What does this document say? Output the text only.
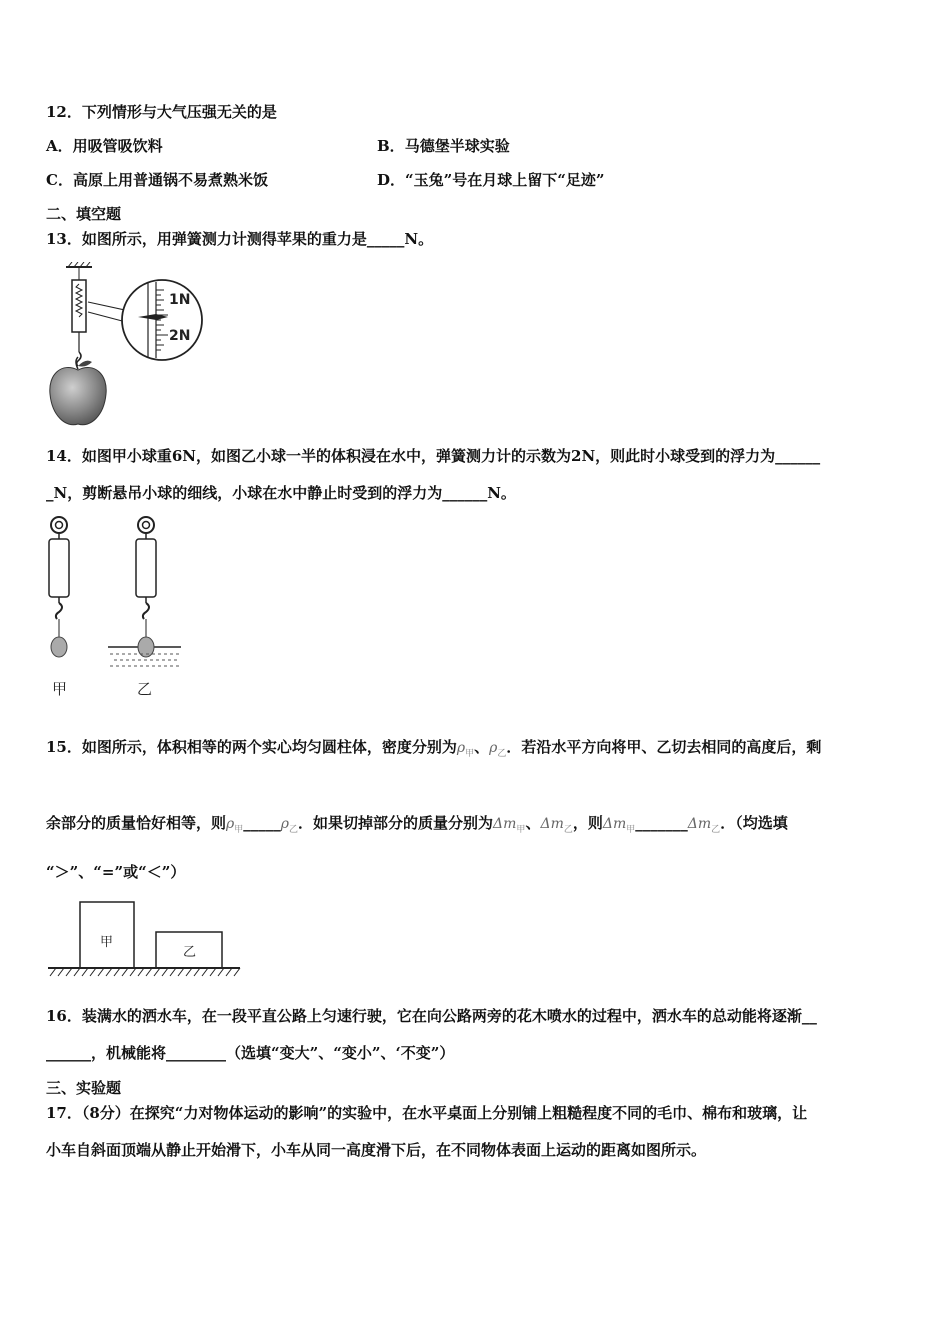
12．下列情形与大气压强无关的是
A．用吸管吸饮料	B．马德堡半球实验
C．高原上用普通锅不易煮熟米饭	D．“玉兔”号在月球上留下“足迹”
二、填空题
13．如图所示，用弹簧测力计测得苹果的重力是_____N。
1N
2N
14．如图甲小球重6N，如图乙小球一半的体积浸在水中，弹簧测力计的示数为2N，则此时小球受到的浮力为______
_N，剪断悬吊小球的细线，小球在水中静止时受到的浮力为______N。
甲	乙
15．如图所示，体积相等的两个实心均匀圆柱体，密度分别为$\rho_甲$、$\rho_乙$．若沿水平方向将甲、乙切去相同的高度后，剩
余部分的质量恰好相等，则$\rho_甲\_\_\_\_\_\rho_乙$．如果切掉部分的质量分别为$\Delta m_甲$、$\Delta m_乙$，则$\Delta m_甲\_\_\_\_\_\_\_\Delta m_乙$．（均选填
“＞”、“=”或“＜”）
甲
乙
16．装满水的洒水车，在一段平直公路上匀速行驶，它在向公路两旁的花木喷水的过程中，洒水车的总动能将逐渐__
______，机械能将________（选填“变大”、“变小”、‘不变”）
三、实验题
17．（8分）在探究“力对物体运动的影响”的实验中，在水平桌面上分别铺上粗糙程度不同的毛巾、棉布和玻璃，让
小车自斜面顶端从静止开始滑下，小车从同一高度滑下后，在不同物体表面上运动的距离如图所示。
